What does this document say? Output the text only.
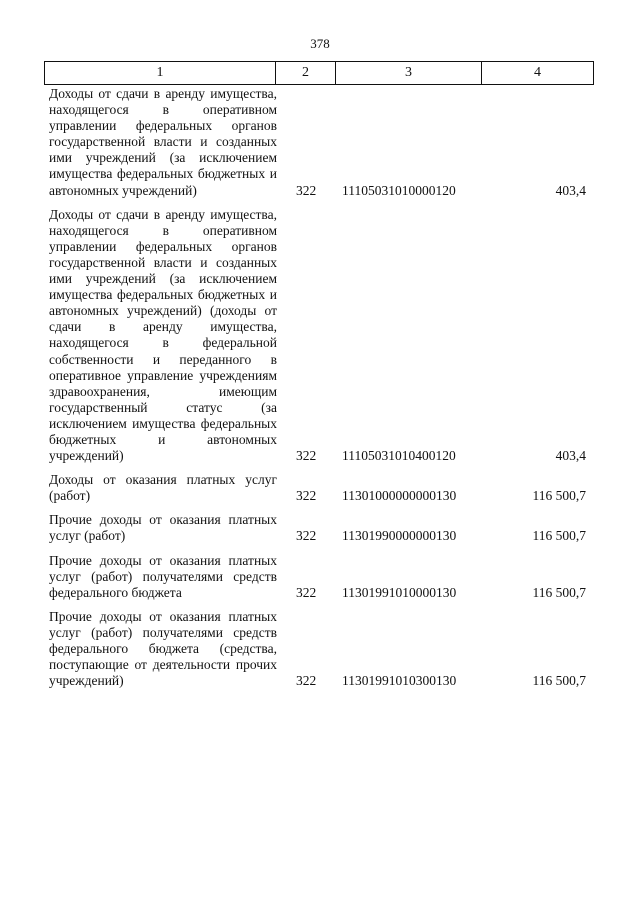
378
1	2	3	4
Доходы от сдачи в аренду имущества, находящегося в оперативном управлении федеральных органов государственной власти и созданных ими учреждений (за исключением имущества федеральных бюджетных и автономных учреждений)	322 11105031010000120	403,4
Доходы от сдачи в аренду имущества, находящегося в оперативном управлении федеральных органов государственной власти и созданных ими учреждений (за исключением имущества федеральных бюджетных и автономных учреждений) (доходы от сдачи в аренду имущества, находящегося в федеральной собственности и переданного в оперативное управление учреждениям здравоохранения, имеющим государственный статус (за исключением имущества федеральных бюджетных и автономных учреждений)	322 11105031010400120	403,4
Доходы от оказания платных услуг (работ)	322 11301000000000130	116 500,7
Прочие доходы от оказания платных услуг (работ)	322 11301990000000130	116 500,7
Прочие доходы от оказания платных услуг (работ) получателями средств федерального бюджета	322 11301991010000130	116 500,7
Прочие доходы от оказания платных услуг (работ) получателями средств федерального бюджета (средства, поступающие от деятельности прочих учреждений)	322 11301991010300130	116 500,7
